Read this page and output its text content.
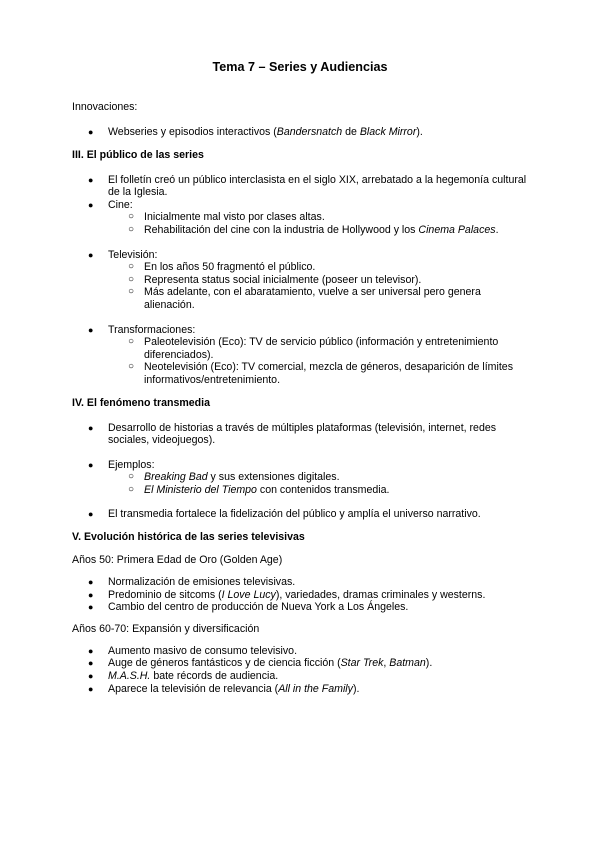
Tema 7 – Series y Audiencias

Innovaciones:

● Webseries y episodios interactivos (Bandersnatch de Black Mirror).
III. El público de las series
● El folletín creó un público interclasista en el siglo XIX, arrebatado a la hegemonía cultural de la Iglesia.
● Cine:
○ Inicialmente mal visto por clases altas.
○ Rehabilitación del cine con la industria de Hollywood y los Cinema Palaces.
● Televisión:
○ En los años 50 fragmentó el público.
○ Representa status social inicialmente (poseer un televisor).
○ Más adelante, con el abaratamiento, vuelve a ser universal pero genera alienación.
● Transformaciones:
○ Paleotelevisión (Eco): TV de servicio público (información y entretenimiento diferenciados).
○ Neotelevisión (Eco): TV comercial, mezcla de géneros, desaparición de límites informativos/entretenimiento.
IV. El fenómeno transmedia
● Desarrollo de historias a través de múltiples plataformas (televisión, internet, redes sociales, videojuegos).
● Ejemplos:
○ Breaking Bad y sus extensiones digitales.
○ El Ministerio del Tiempo con contenidos transmedia.
● El transmedia fortalece la fidelización del público y amplía el universo narrativo.
V. Evolución histórica de las series televisivas

Años 50: Primera Edad de Oro (Golden Age)

● Normalización de emisiones televisivas.
● Predominio de sitcoms (I Love Lucy), variedades, dramas criminales y westerns.
● Cambio del centro de producción de Nueva York a Los Ángeles.

Años 60-70: Expansión y diversificación

● Aumento masivo de consumo televisivo.
● Auge de géneros fantásticos y de ciencia ficción (Star Trek, Batman).
● M.A.S.H. bate récords de audiencia.
● Aparece la televisión de relevancia (All in the Family).
